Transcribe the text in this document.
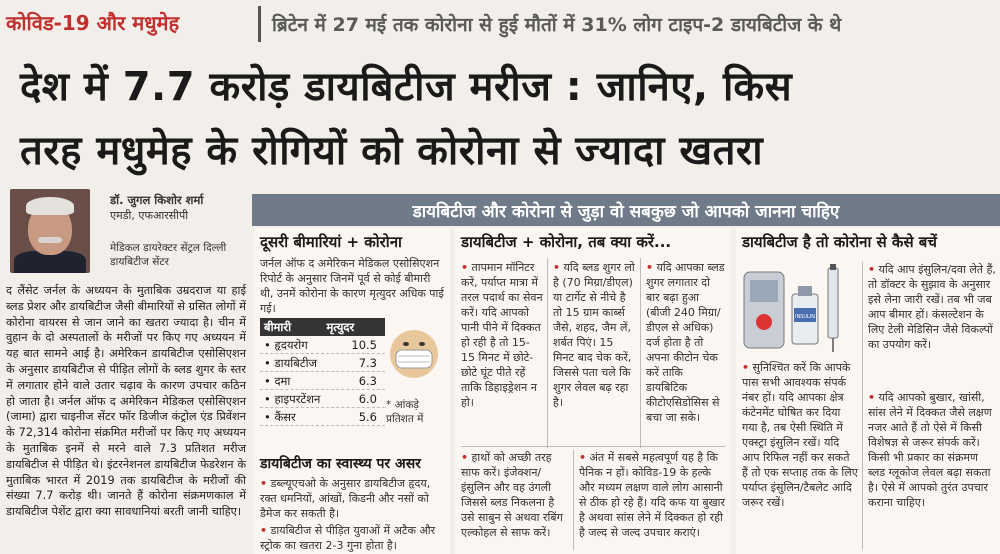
कोविड-19 और मधुमेह	ब्रिटेन में 27 मई तक कोरोना से हुई मौतों में 31% लोग टाइप-2 डायबिटीज के थे
देश में 7.7 करोड़ डायबिटीज मरीज : जानिए, किस
तरह मधुमेह के रोगियों को कोरोना से ज्यादा खतरा
डॉ. जुगल किशोर शर्मा
एमडी, एफआरसीपी
मेडिकल डायरेक्टर सेंट्रल दिल्ली डायबिटीज सेंटर
द लैंसेट जर्नल के अध्ययन के मुताबिक उम्रदराज या हाई ब्लड प्रेशर और डायबिटीज जैसी बीमारियों से ग्रसित लोगों में कोरोना वायरस से जान जाने का खतरा ज्यादा है। चीन में वुहान के दो अस्पतालों के मरीजों पर किए गए अध्ययन में यह बात सामने आई है। अमेरिकन डायबिटीज एसोसिएशन के अनुसार डायबिटीज से पीड़ित लोगों के ब्लड शुगर के स्तर में लगातार होने वाले उतार चढ़ाव के कारण उपचार कठिन हो जाता है। जर्नल ऑफ द अमेरिकन मेडिकल एसोसिएशन (जामा) द्वारा चाइनीज सेंटर फॉर डिजीज कंट्रोल एंड प्रिवेंशन के 72,314 कोरोना संक्रमित मरीजों पर किए गए अध्ययन के मुताबिक इनमें से मरने वाले 7.3 प्रतिशत मरीज डायबिटीज से पीड़ित थे। इंटरनेशनल डायबिटीज फेडरेशन के मुताबिक भारत में 2019 तक डायबिटीज के मरीजों की संख्या 7.7 करोड़ थी। जानते हैं कोरोना संक्रमणकाल में डायबिटीज पेशेंट द्वारा क्या सावधानियां बरती जानी चाहिए।
डायबिटीज और कोरोना से जुड़ा वो सबकुछ जो आपको जानना चाहिए
दूसरी बीमारियां + कोरोना
जर्नल ऑफ द अमेरिकन मेडिकल एसोसिएशन रिपोर्ट के अनुसार जिनमें पूर्व से कोई बीमारी थी, उनमें कोरोना के कारण मृत्युदर अधिक पाई गई।
बीमारी	मृत्युदर
• हृदयरोग	10.5
• डायबिटीज	7.3
• दमा	6.3
• हाइपरटेंशन	6.0
• कैंसर	5.6
* आंकड़े प्रतिशत में
डायबिटीज का स्वास्थ्य पर असर
• डब्ल्यूएचओ के अनुसार डायबिटीज हृदय, रक्त धमनियों, आंखों, किडनी और नसों को डैमेज कर सकती है।
• डायबिटीज से पीड़ित युवाओं में अटैक और स्ट्रोक का खतरा 2-3 गुना होता है।
डायबिटीज + कोरोना, तब क्या करें...
• तापमान मॉनिटर करें, पर्याप्त मात्रा में तरल पदार्थ का सेवन करें। यदि आपको पानी पीने में दिक्कत हो रही है तो 15-15 मिनट में छोटे-छोटे घूंट पीते रहें ताकि डिहाइड्रेशन न हो।
• यदि ब्लड शुगर लो है (70 मिग्रा/डीएल) या टार्गेट से नीचे है तो 15 ग्राम कार्ब्स जैसे, शहद, जैम लें, शर्बत पिएं। 15 मिनट बाद चेक करें, जिससे पता चले कि शुगर लेवल बढ़ रहा है।
• यदि आपका ब्लड शुगर लगातार दो बार बढ़ा हुआ (बीजी 240 मिग्रा/डीएल से अधिक) दर्ज होता है तो अपना कीटोन चेक करें ताकि डायबिटिक कीटोएसिडोसिस से बचा जा सके।
• हाथों को अच्छी तरह साफ करें। इंजेक्शन/इंसुलिन और वह उंगली जिससे ब्लड निकलना है उसे साबुन से अथवा रबिंग एल्कोहल से साफ करें।
• अंत में सबसे महत्वपूर्ण यह है कि पैनिक न हों। कोविड-19 के हल्के और मध्यम लक्षण वाले लोग आसानी से ठीक हो रहे हैं। यदि कफ या बुखार है अथवा सांस लेने में दिक्कत हो रही है जल्द से जल्द उपचार कराएं।
डायबिटीज है तो कोरोना से कैसे बचें
INSULIN
• यदि आप इंसुलिन/दवा लेते हैं, तो डॉक्टर के सुझाव के अनुसार इसे लेना जारी रखें। तब भी जब आप बीमार हों। कंसल्टेशन के लिए टेली मेडिसिन जैसे विकल्पों का उपयोग करें।
• सुनिश्चित करें कि आपके पास सभी आवश्यक संपर्क नंबर हों। यदि आपका क्षेत्र कंटेनमेंट घोषित कर दिया गया है, तब ऐसी स्थिति में एक्स्ट्रा इंसुलिन रखें। यदि आप रिफिल नहीं कर सकते हैं तो एक सप्ताह तक के लिए पर्याप्त इंसुलिन/टैबलेट आदि जरूर रखें।
• यदि आपको बुखार, खांसी, सांस लेने में दिक्कत जैसे लक्षण नजर आते हैं तो ऐसे में किसी विशेषज्ञ से जरूर संपर्क करें। किसी भी प्रकार का संक्रमण ब्लड ग्लूकोज लेवल बढ़ा सकता है। ऐसे में आपको तुरंत उपचार कराना चाहिए।
